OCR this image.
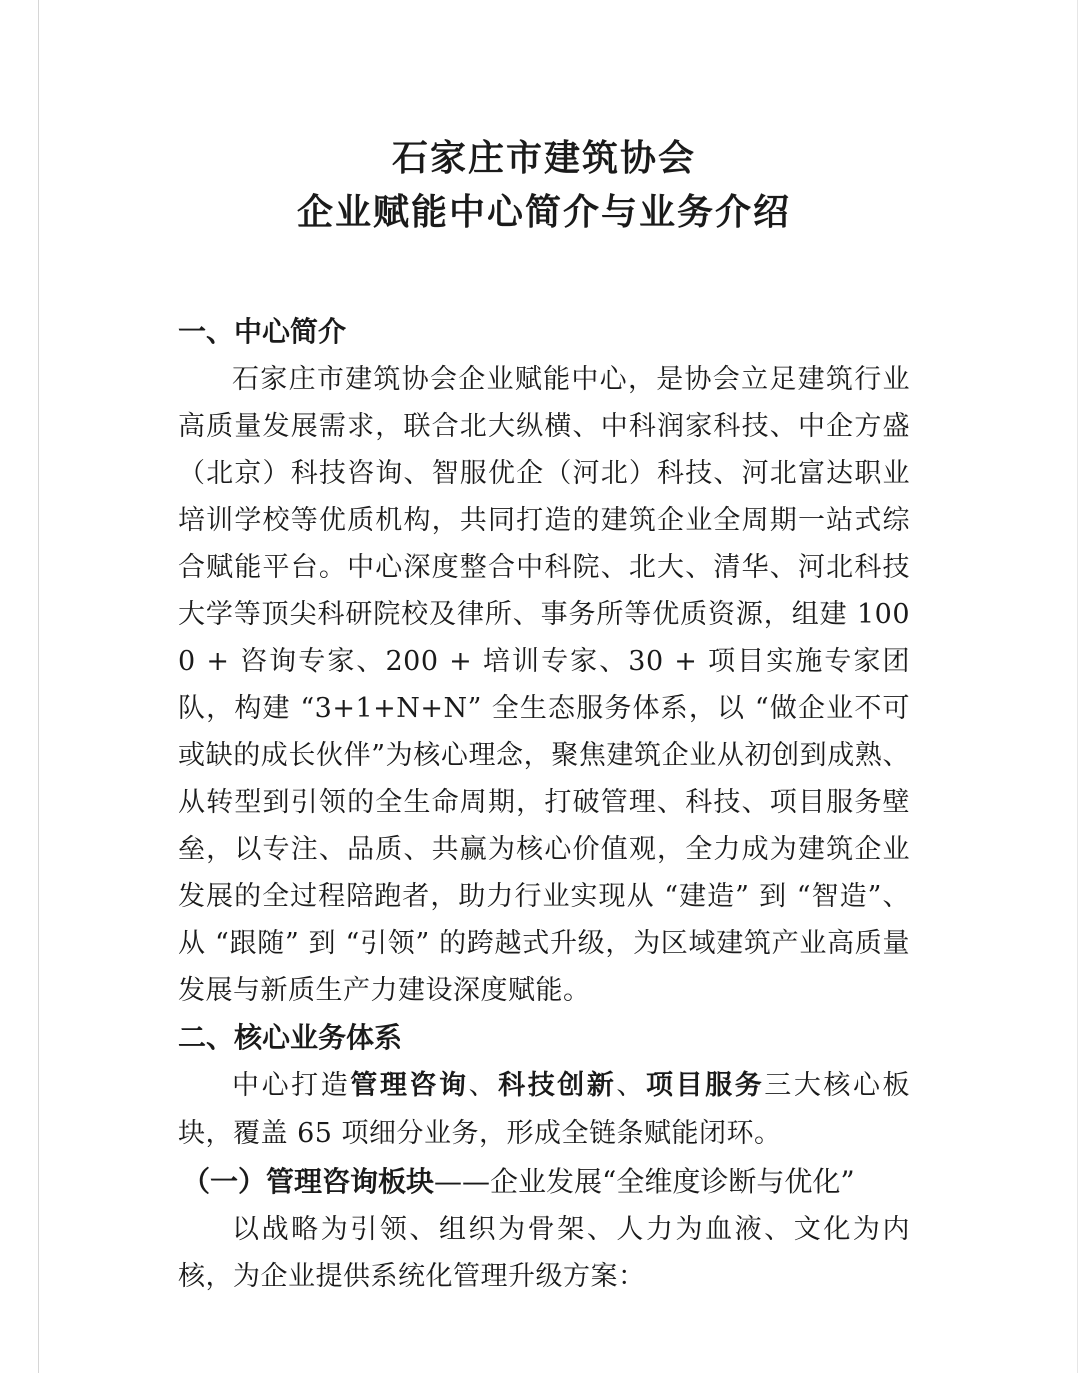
石家庄市建筑协会
企业赋能中心简介与业务介绍
一、中心简介

石家庄市建筑协会企业赋能中心，是协会立足建筑行业高质量发展需求，联合北大纵横、中科润家科技、中企方盛（北京）科技咨询、智服优企（河北）科技、河北富达职业培训学校等优质机构，共同打造的建筑企业全周期一站式综合赋能平台。中心深度整合中科院、北大、清华、河北科技大学等顶尖科研院校及律所、事务所等优质资源，组建 1000 + 咨询专家、200 + 培训专家、30 + 项目实施专家团队，构建 “3+1+N+N” 全生态服务体系，以 “做企业不可或缺的成长伙伴”为核心理念，聚焦建筑企业从初创到成熟、从转型到引领的全生命周期，打破管理、科技、项目服务壁垒，以专注、品质、共赢为核心价值观，全力成为建筑企业发展的全过程陪跑者，助力行业实现从 “建造” 到 “智造”、从 “跟随” 到 “引领” 的跨越式升级，为区域建筑产业高质量发展与新质生产力建设深度赋能。

二、核心业务体系

中心打造管理咨询、科技创新、项目服务三大核心板块，覆盖 65 项细分业务，形成全链条赋能闭环。

（一）管理咨询板块——企业发展“全维度诊断与优化”

以战略为引领、组织为骨架、人力为血液、文化为内核，为企业提供系统化管理升级方案：
